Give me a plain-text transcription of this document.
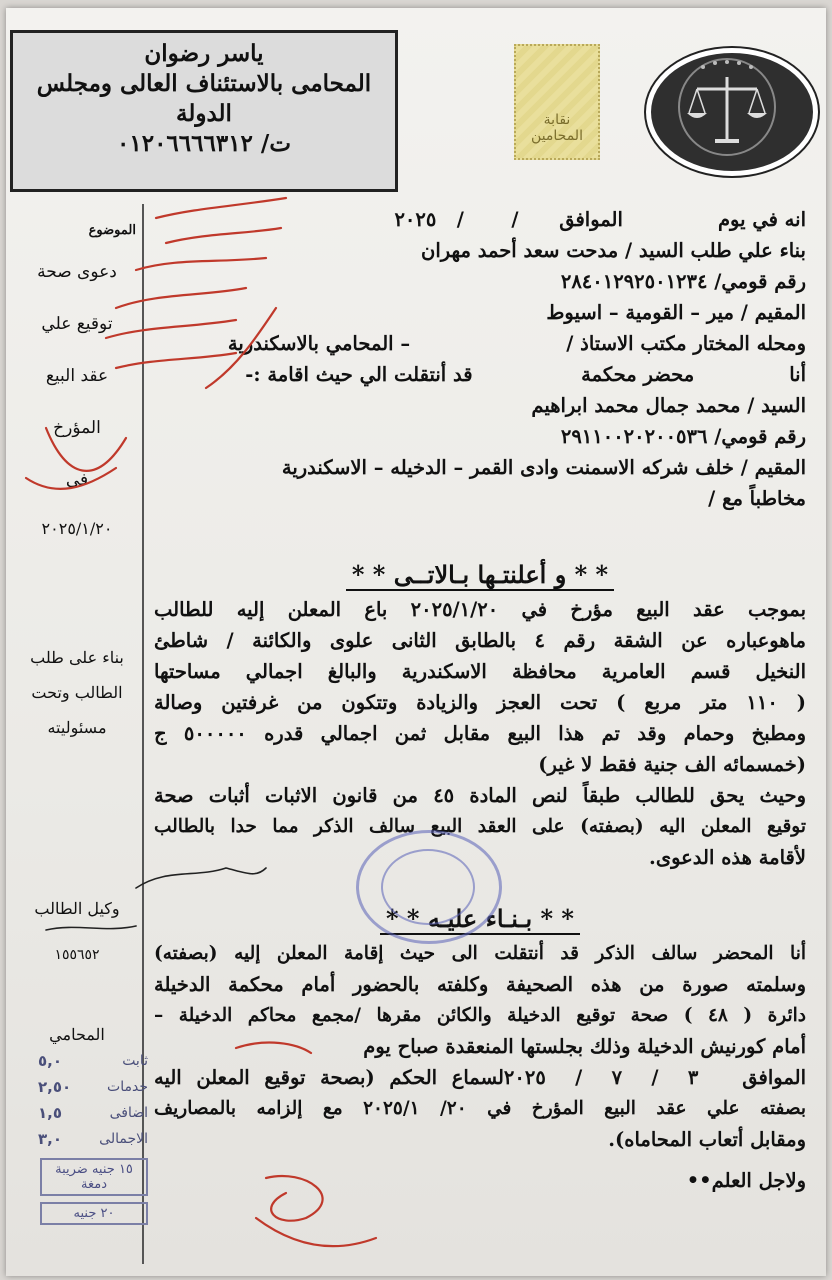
ياسر رضوان
المحامى بالاستئناف العالى ومجلس
الدولة
ت/ ٠١٢٠٦٦٦٦٣١٢
نقابة المحامين
الموضوع
دعوى صحة
توقيع علي
عقد البيع
المؤرخ
فى
٢٠٢٥/١/٢٠
بناء على طلب
الطالب وتحت
مسئوليته
وكيل الطالب
١٥٥٦٥٢
المحامي
ثابت
٥,٠
خدمات
٢,٥٠
اضافى
١,٥
الاجمالى
٣,٠
١٥ جنيه ضريبة دمغة
٢٠ جنيه
انه في يوم              الموافق      /       /   ٢٠٢٥
بناء علي طلب السيد / مدحت سعد أحمد مهران
رقم قومي/ ٢٨٤٠١٢٩٢٥٠١٢٣٤
المقيم / مير – القومية – اسيوط
ومحله المختار مكتب الاستاذ /                       – المحامي بالاسكندرية
أنا              محضر محكمة                قد أنتقلت الي حيث اقامة :-
السيد / محمد جمال محمد ابراهيم
رقم قومي/ ٢٩١١٠٠٢٠٢٠٠٥٣٦
المقيم / خلف شركه الاسمنت وادى القمر – الدخيله – الاسكندرية
مخاطباً مع /
* * و أعلنتـها بـالاتــى * *
بموجب عقد البيع مؤرخ في ٢٠٢٥/١/٢٠ باع المعلن إليه للطالب
ماهوعباره عن الشقة رقم ٤ بالطابق الثانى علوى والكائنة / شاطئ
النخيل قسم العامرية محافظة الاسكندرية والبالغ اجمالي مساحتها
( ١١٠ متر مربع ) تحت العجز والزيادة وتتكون من غرفتين وصالة
ومطبخ وحمام وقد تم هذا البيع مقابل ثمن اجمالي قدره ٥٠٠٠٠٠ ج
(خمسمائه الف جنية فقط لا غير)
وحيث يحق للطالب طبقاً لنص المادة ٤٥ من قانون الاثبات أثبات صحة
توقيع المعلن اليه (بصفته) على العقد البيع سالف الذكر مما حدا بالطالب
لأقامة هذه الدعوى.
* * بـنـاء عليـه * *
أنا المحضر سالف الذكر قد أنتقلت الى حيث إقامة المعلن إليه (بصفته)
وسلمته صورة من هذه الصحيفة وكلفته بالحضور أمام محكمة الدخيلة
دائرة ( ٤٨ ) صحة توقيع الدخيلة والكائن مقرها /مجمع محاكم الدخيلة –
أمام كورنيش الدخيلة وذلك بجلستها المنعقدة صباح يوم
الموافق   ٣  /  ٧  /  ٢٠٢٥لسماع الحكم (بصحة توقيع المعلن اليه
بصفته علي عقد البيع المؤرخ في ٢٠/ ٢٠٢٥/١ مع إلزامه بالمصاريف
ومقابل أتعاب المحاماه).
ولاجل العلم••
